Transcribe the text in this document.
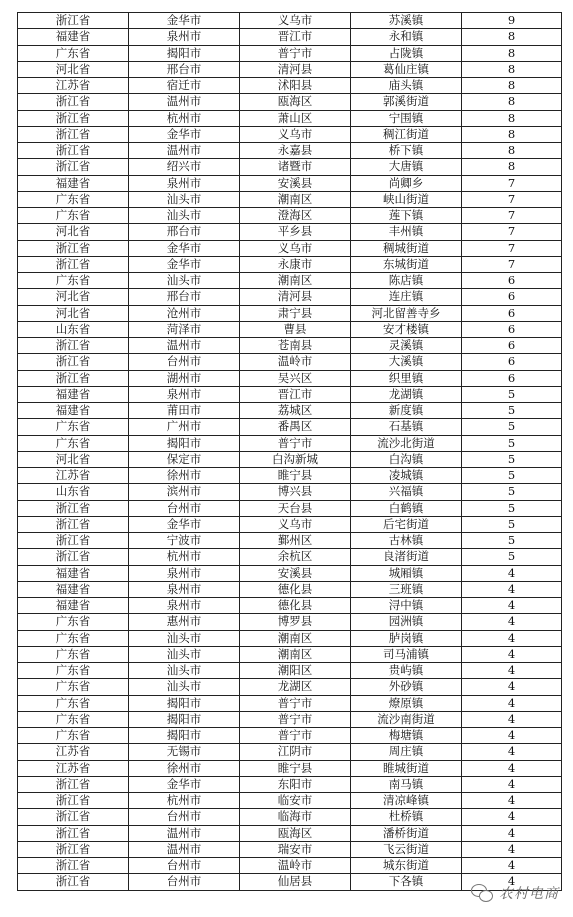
浙江省	金华市	义乌市	苏溪镇	9
福建省	泉州市	晋江市	永和镇	8
广东省	揭阳市	普宁市	占陇镇	8
河北省	邢台市	清河县	葛仙庄镇	8
江苏省	宿迁市	沭阳县	庙头镇	8
浙江省	温州市	瓯海区	郭溪街道	8
浙江省	杭州市	萧山区	宁围镇	8
浙江省	金华市	义乌市	稠江街道	8
浙江省	温州市	永嘉县	桥下镇	8
浙江省	绍兴市	诸暨市	大唐镇	8
福建省	泉州市	安溪县	尚卿乡	7
广东省	汕头市	潮南区	峡山街道	7
广东省	汕头市	澄海区	莲下镇	7
河北省	邢台市	平乡县	丰州镇	7
浙江省	金华市	义乌市	稠城街道	7
浙江省	金华市	永康市	东城街道	7
广东省	汕头市	潮南区	陈店镇	6
河北省	邢台市	清河县	连庄镇	6
河北省	沧州市	肃宁县	河北留善寺乡	6
山东省	菏泽市	曹县	安才楼镇	6
浙江省	温州市	苍南县	灵溪镇	6
浙江省	台州市	温岭市	大溪镇	6
浙江省	湖州市	吴兴区	织里镇	6
福建省	泉州市	晋江市	龙湖镇	5
福建省	莆田市	荔城区	新度镇	5
广东省	广州市	番禺区	石基镇	5
广东省	揭阳市	普宁市	流沙北街道	5
河北省	保定市	白沟新城	白沟镇	5
江苏省	徐州市	睢宁县	凌城镇	5
山东省	滨州市	博兴县	兴福镇	5
浙江省	台州市	天台县	白鹤镇	5
浙江省	金华市	义乌市	后宅街道	5
浙江省	宁波市	鄞州区	古林镇	5
浙江省	杭州市	余杭区	良渚街道	5
福建省	泉州市	安溪县	城厢镇	4
福建省	泉州市	德化县	三班镇	4
福建省	泉州市	德化县	浔中镇	4
广东省	惠州市	博罗县	园洲镇	4
广东省	汕头市	潮南区	胪岗镇	4
广东省	汕头市	潮南区	司马浦镇	4
广东省	汕头市	潮阳区	贵屿镇	4
广东省	汕头市	龙湖区	外砂镇	4
广东省	揭阳市	普宁市	燎原镇	4
广东省	揭阳市	普宁市	流沙南街道	4
广东省	揭阳市	普宁市	梅塘镇	4
江苏省	无锡市	江阴市	周庄镇	4
江苏省	徐州市	睢宁县	睢城街道	4
浙江省	金华市	东阳市	南马镇	4
浙江省	杭州市	临安市	清凉峰镇	4
浙江省	台州市	临海市	杜桥镇	4
浙江省	温州市	瓯海区	潘桥街道	4
浙江省	温州市	瑞安市	飞云街道	4
浙江省	台州市	温岭市	城东街道	4
浙江省	台州市	仙居县	下各镇	4
农村电商
